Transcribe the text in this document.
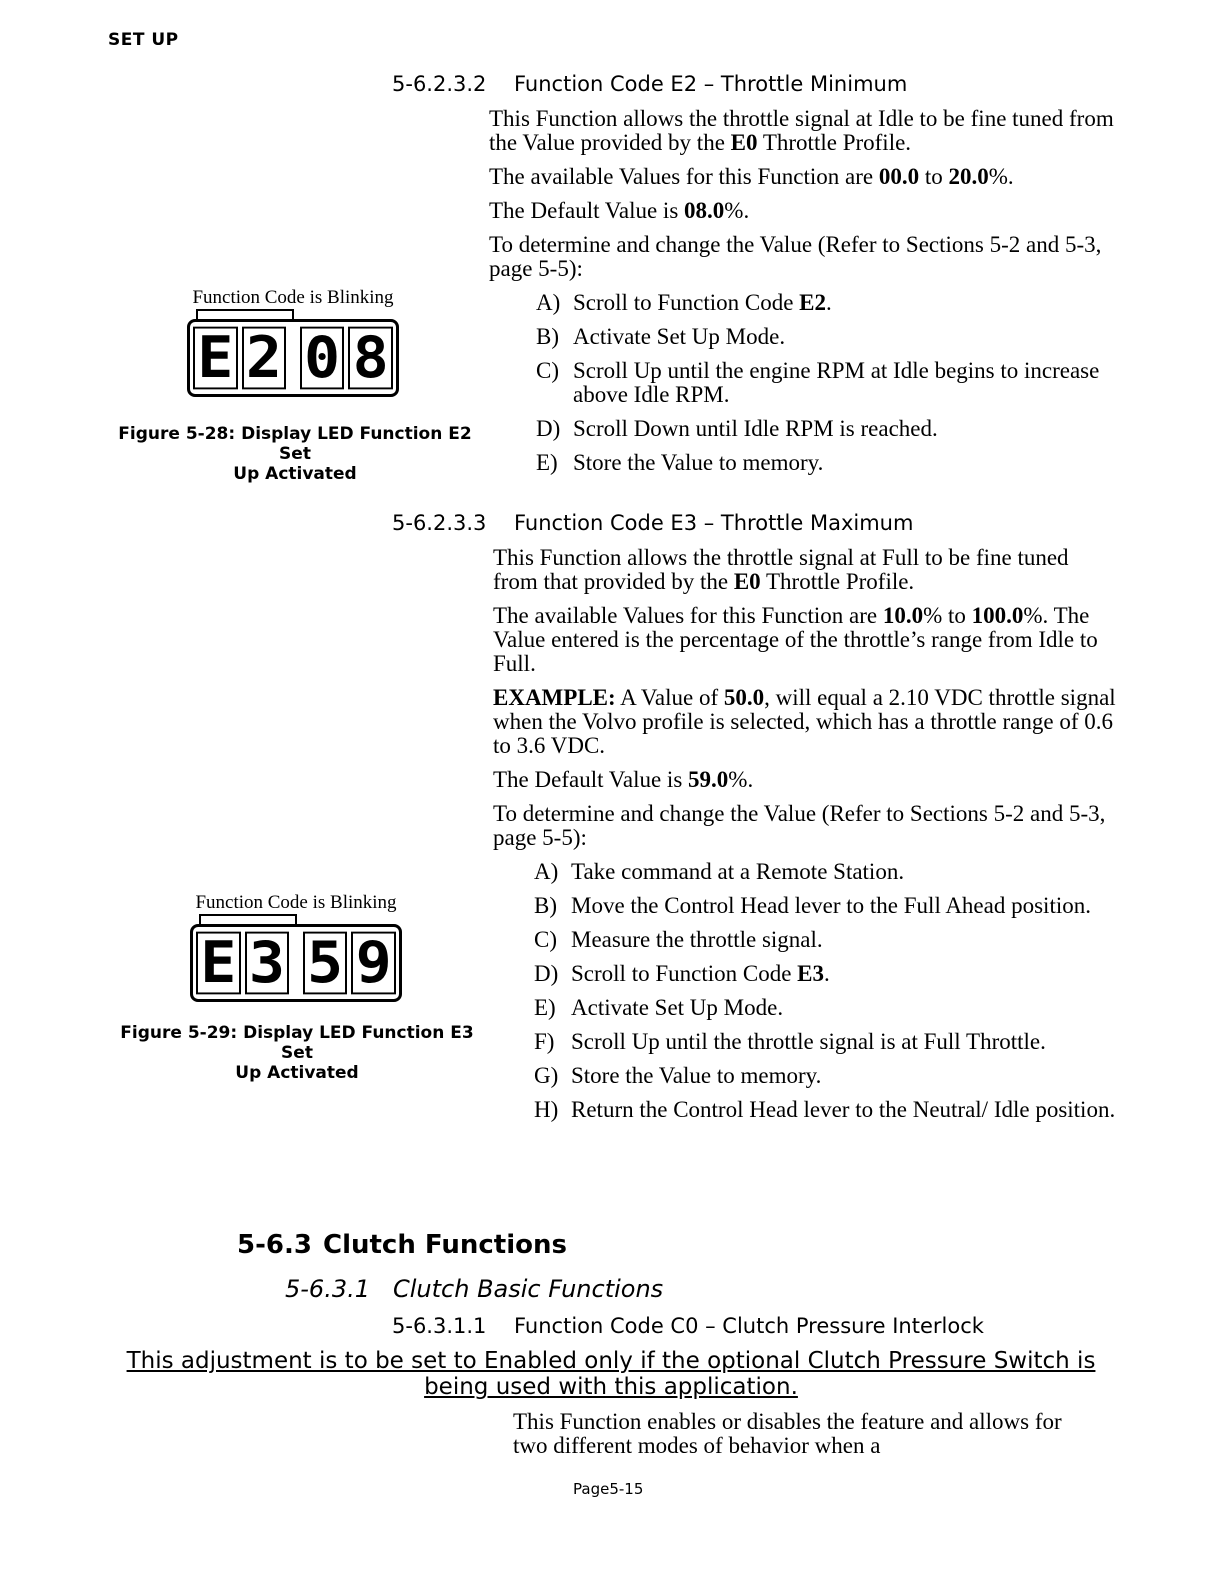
SET UP
5-6.2.3.2 Function Code E2 – Throttle Minimum

This Function allows the throttle signal at Idle to be fine tuned from the Value provided by the E0 Throttle Profile.

The available Values for this Function are 00.0 to 20.0%.

The Default Value is 08.0%.

To determine and change the Value (Refer to Sections 5-2 and 5-3, page 5-5):

A) Scroll to Function Code E2.
B) Activate Set Up Mode.
C) Scroll Up until the engine RPM at Idle begins to increase above Idle RPM.
D) Scroll Down until Idle RPM is reached.
E) Store the Value to memory.
Function Code is Blinking
E 2 0 8
Figure 5-28: Display LED Function E2 Set
Up Activated
5-6.2.3.3 Function Code E3 – Throttle Maximum

This Function allows the throttle signal at Full to be fine tuned from that provided by the E0 Throttle Profile.

The available Values for this Function are 10.0% to 100.0%. The Value entered is the percentage of the throttle’s range from Idle to Full.

EXAMPLE: A Value of 50.0, will equal a 2.10 VDC throttle signal when the Volvo profile is selected, which has a throttle range of 0.6 to 3.6 VDC.

The Default Value is 59.0%.

To determine and change the Value (Refer to Sections 5-2 and 5-3, page 5-5):

A) Take command at a Remote Station.
B) Move the Control Head lever to the Full Ahead position.
C) Measure the throttle signal.
D) Scroll to Function Code E3.
E) Activate Set Up Mode.
F) Scroll Up until the throttle signal is at Full Throttle.
G) Store the Value to memory.
H) Return the Control Head lever to the Neutral/ Idle position.
Function Code is Blinking
E 3 5 9
Figure 5-29: Display LED Function E3 Set
Up Activated
5-6.3 Clutch Functions
5-6.3.1 Clutch Basic Functions
5-6.3.1.1 Function Code C0 – Clutch Pressure Interlock
This adjustment is to be set to Enabled only if the optional Clutch Pressure Switch is
being used with this application.
This Function enables or disables the feature and allows for two different modes of behavior when a
Page5-15
